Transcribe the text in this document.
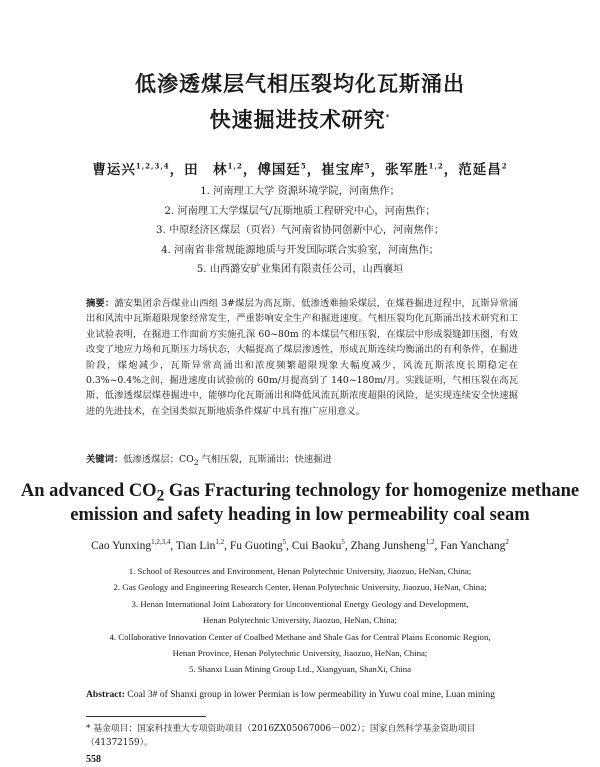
低渗透煤层气相压裂均化瓦斯涌出
快速掘进技术研究*
曹运兴$^{1,2,3,4}$，田　林$^{1,2}$，傅国廷$^5$，崔宝库$^5$，张军胜$^{1,2}$，范延昌$^2$
1. 河南理工大学 资源环境学院，河南焦作；
2. 河南理工大学煤层气/瓦斯地质工程研究中心，河南焦作；
3. 中原经济区煤层（页岩）气河南省协同创新中心，河南焦作；
4. 河南省非常规能源地质与开发国际联合实验室，河南焦作；
5. 山西潞安矿业集团有限责任公司，山西襄垣
摘要：潞安集团余吾煤业山西组 3#煤层为高瓦斯、低渗透难抽采煤层，在煤巷掘进过程中，瓦斯异常涌出和风流中瓦斯超限现象经常发生，严重影响安全生产和掘进速度。气相压裂均化瓦斯涌出技术研究和工业试验表明，在掘进工作面前方实施孔深 60~80m 的本煤层气相压裂，在煤层中形成裂缝卸压圈，有效改变了地应力场和瓦斯压力场状态，大幅提高了煤层渗透性，形成瓦斯连续均衡涌出的有利条件，在掘进阶段，煤炮减少，瓦斯异常高涌出和浓度频繁超限现象大幅度减少，风流瓦斯浓度长期稳定在 0.3%~0.4%之间，掘进速度由试验前的 60m/月提高到了 140~180m/月。实践证明，气相压裂在高瓦斯、低渗透煤层煤巷掘进中，能够均化瓦斯涌出和降低风流瓦斯浓度超限的风险，是实现连续安全快速掘进的先进技术，在全国类似瓦斯地质条件煤矿中具有推广应用意义。
关键词：低渗透煤层；$CO_2$ 气相压裂，瓦斯涌出；快速掘进
An advanced $CO_2$ Gas Fracturing technology for homogenize methane
emission and safety heading in low permeability coal seam
Cao Yunxing$^{1,2,3,4}$, Tian Lin$^{1,2}$, Fu Guoting$^5$, Cui Baoku$^5$, Zhang Junsheng$^{1,2}$, Fan Yanchang$^2$
1. School of Resources and Environment, Henan Polytechnic University, Jiaozuo, HeNan, China;
2. Gas Geology and Engineering Research Center, Henan Polytechnic University, Jiaozuo, HeNan, China;
3. Henan International Joint Laboratory for Unconventional Energy Geology and Development,
Henan Polytechnic University, Jiaozuo, HeNan, China;
4. Collaborative Innovation Center of Coalbed Methane and Shale Gas for Central Plains Economic Region,
Henan Province, Henan Polytechnic University, Jiaozuo, HeNan, China;
5. Shanxi Luan Mining Group Ltd., Xiangyuan, ShanXi, China
Abstract: Coal 3# of Shanxi group in lower Permian is low permeability in Yuwu coal mine, Luan mining
* 基金项目：国家科技重大专项资助项目（2016ZX05067006－002）；国家自然科学基金资助项目
（41372159）。
558
